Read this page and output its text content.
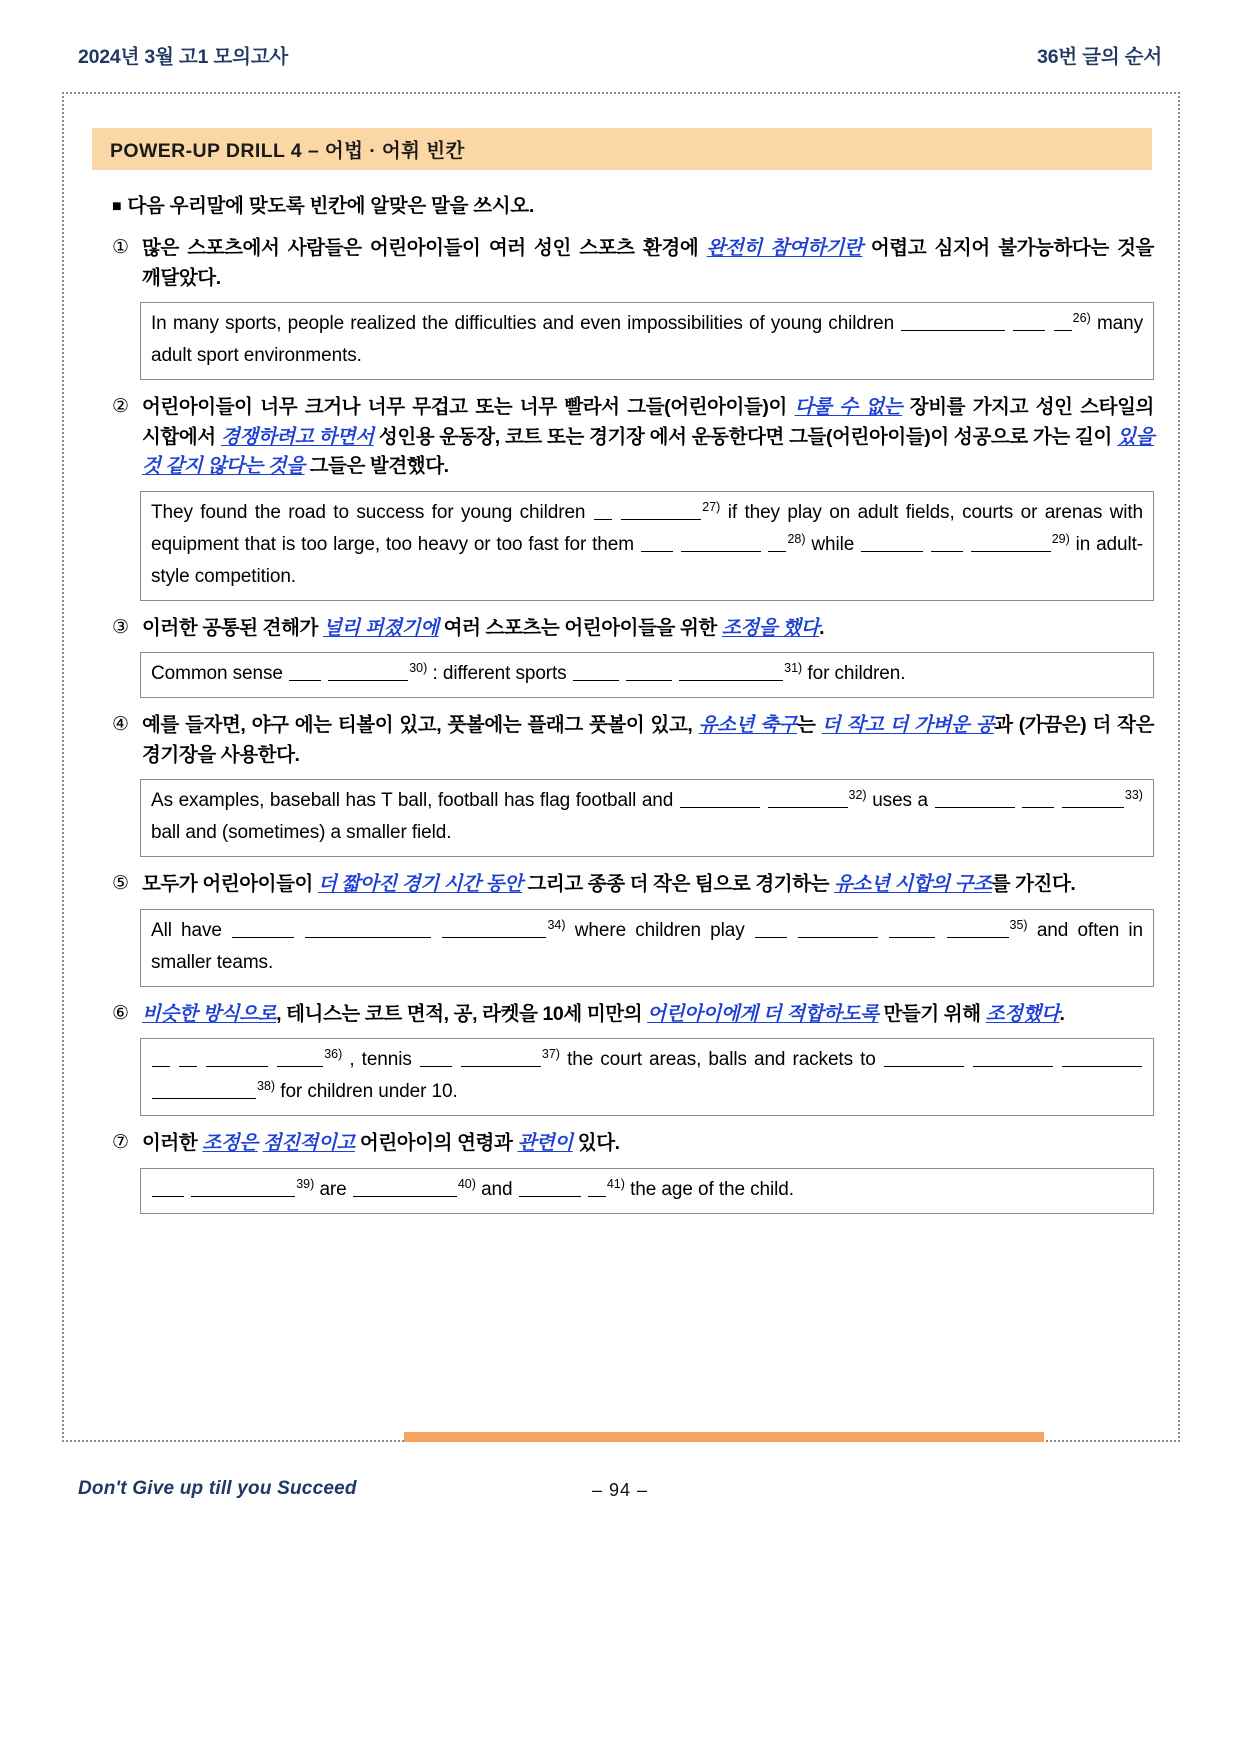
2024년 3월 고1 모의고사	36번 글의 순서
POWER-UP DRILL 4 – 어법 · 어휘 빈칸

■ 다음 우리말에 맞도록 빈칸에 알맞은 말을 쓰시오.

① 많은 스포츠에서 사람들은 어린아이들이 여러 성인 스포츠 환경에 완전히 참여하기란 어렵고 심지어 불가능하다는 것을 깨달았다.
In many sports, people realized the difficulties and even impossibilities of young children	$^{26)}$ many adult sport environments.
② 어린아이들이 너무 크거나 너무 무겁고 또는 너무 빨라서 그들(어린아이들)이 다룰 수 없는 장비를 가지고 성인 스타일의 시합에서 경쟁하려고 하면서 성인용 운동장, 코트 또는 경기장 에서 운동한다면 그들(어린아이들)이 성공으로 가는 길이 있을 것 같지 않다는 것을 그들은 발견했다.
They found the road to success for young children	$^{27)}$ if they play on adult fields, courts or arenas with equipment that is too large, too heavy or too fast for them	$^{28)}$ while	$^{29)}$ in adult-style competition.
③ 이러한 공통된 견해가 널리 퍼졌기에 여러 스포츠는 어린아이들을 위한 조정을 했다.
Common sense	$^{30)}$ : different sports	$^{31)}$ for children.
④ 예를 들자면, 야구 에는 티볼이 있고, 풋볼에는 플래그 풋볼이 있고, 유소년 축구는 더 작고 더 가벼운 공과 (가끔은) 더 작은 경기장을 사용한다.
As examples, baseball has T ball, football has flag football and	$^{32)}$ uses a	$^{33)}$ ball and (sometimes) a smaller field.
⑤ 모두가 어린아이들이 더 짧아진 경기 시간 동안 그리고 종종 더 작은 팀으로 경기하는 유소년 시합의 구조를 가진다.
All have	$^{34)}$ where children play	$^{35)}$ and often in smaller teams.
⑥ 비슷한 방식으로, 테니스는 코트 면적, 공, 라켓을 10세 미만의 어린아이에게 더 적합하도록 만들기 위해 조정했다.
$^{36)}$ , tennis	$^{37)}$ the court areas, balls and rackets to    $^{38)}$ for children under 10.
⑦ 이러한 조정은 점진적이고 어린아이의 연령과 관련이 있다.
$^{39)}$ are	$^{40)}$ and	$^{41)}$ the age of the child.
Don't Give up till you Succeed	– 94 –
